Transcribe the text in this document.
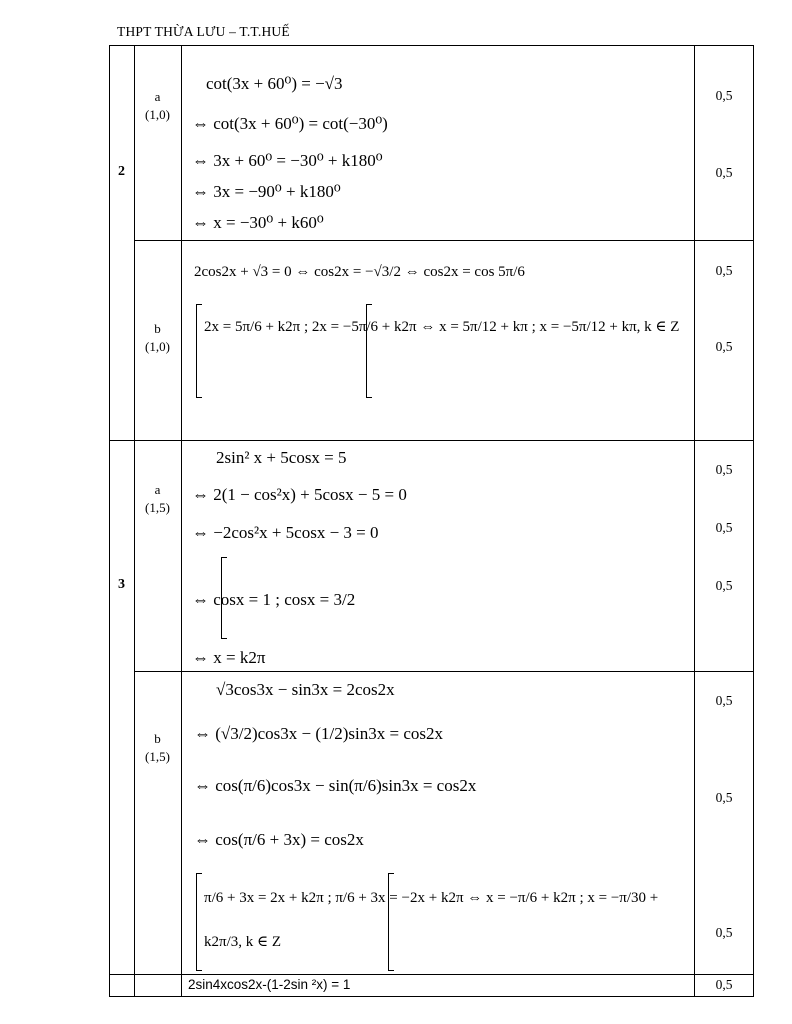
THPT THỪA LƯU – T.T.HUẾ
2
3
a
(1,0)
b
(1,0)
a
(1,5)
b
(1,5)
0,5
0,5
0,5
0,5
0,5
0,5
0,5
0,5
0,5
0,5
0,5
cot(3x + 60⁰) = −√3
⇔ cot(3x + 60⁰) = cot(−30⁰)
⇔ 3x + 60⁰ = −30⁰ + k180⁰
⇔ 3x = −90⁰ + k180⁰
⇔ x = −30⁰ + k60⁰
2cos2x + √3 = 0 ⇔ cos2x = −√3/2 ⇔ cos2x = cos 5π/6
2x = 5π/6 + k2π ; 2x = −5π/6 + k2π ⇔ x = 5π/12 + kπ ; x = −5π/12 + kπ, k ∈ Z
2sin² x + 5cosx = 5
⇔ 2(1 − cos²x) + 5cosx − 5 = 0
⇔ −2cos²x + 5cosx − 3 = 0
⇔ cosx = 1 ; cosx = 3/2
⇔ x = k2π
√3cos3x − sin3x = 2cos2x
⇔ (√3/2)cos3x − (1/2)sin3x = cos2x
⇔ cos(π/6)cos3x − sin(π/6)sin3x = cos2x
⇔ cos(π/6 + 3x) = cos2x
π/6 + 3x = 2x + k2π ; π/6 + 3x = −2x + k2π ⇔ x = −π/6 + k2π ; x = −π/30 + k2π/3, k ∈ Z
2sin4xcos2x-(1-2sin ²x) = 1
